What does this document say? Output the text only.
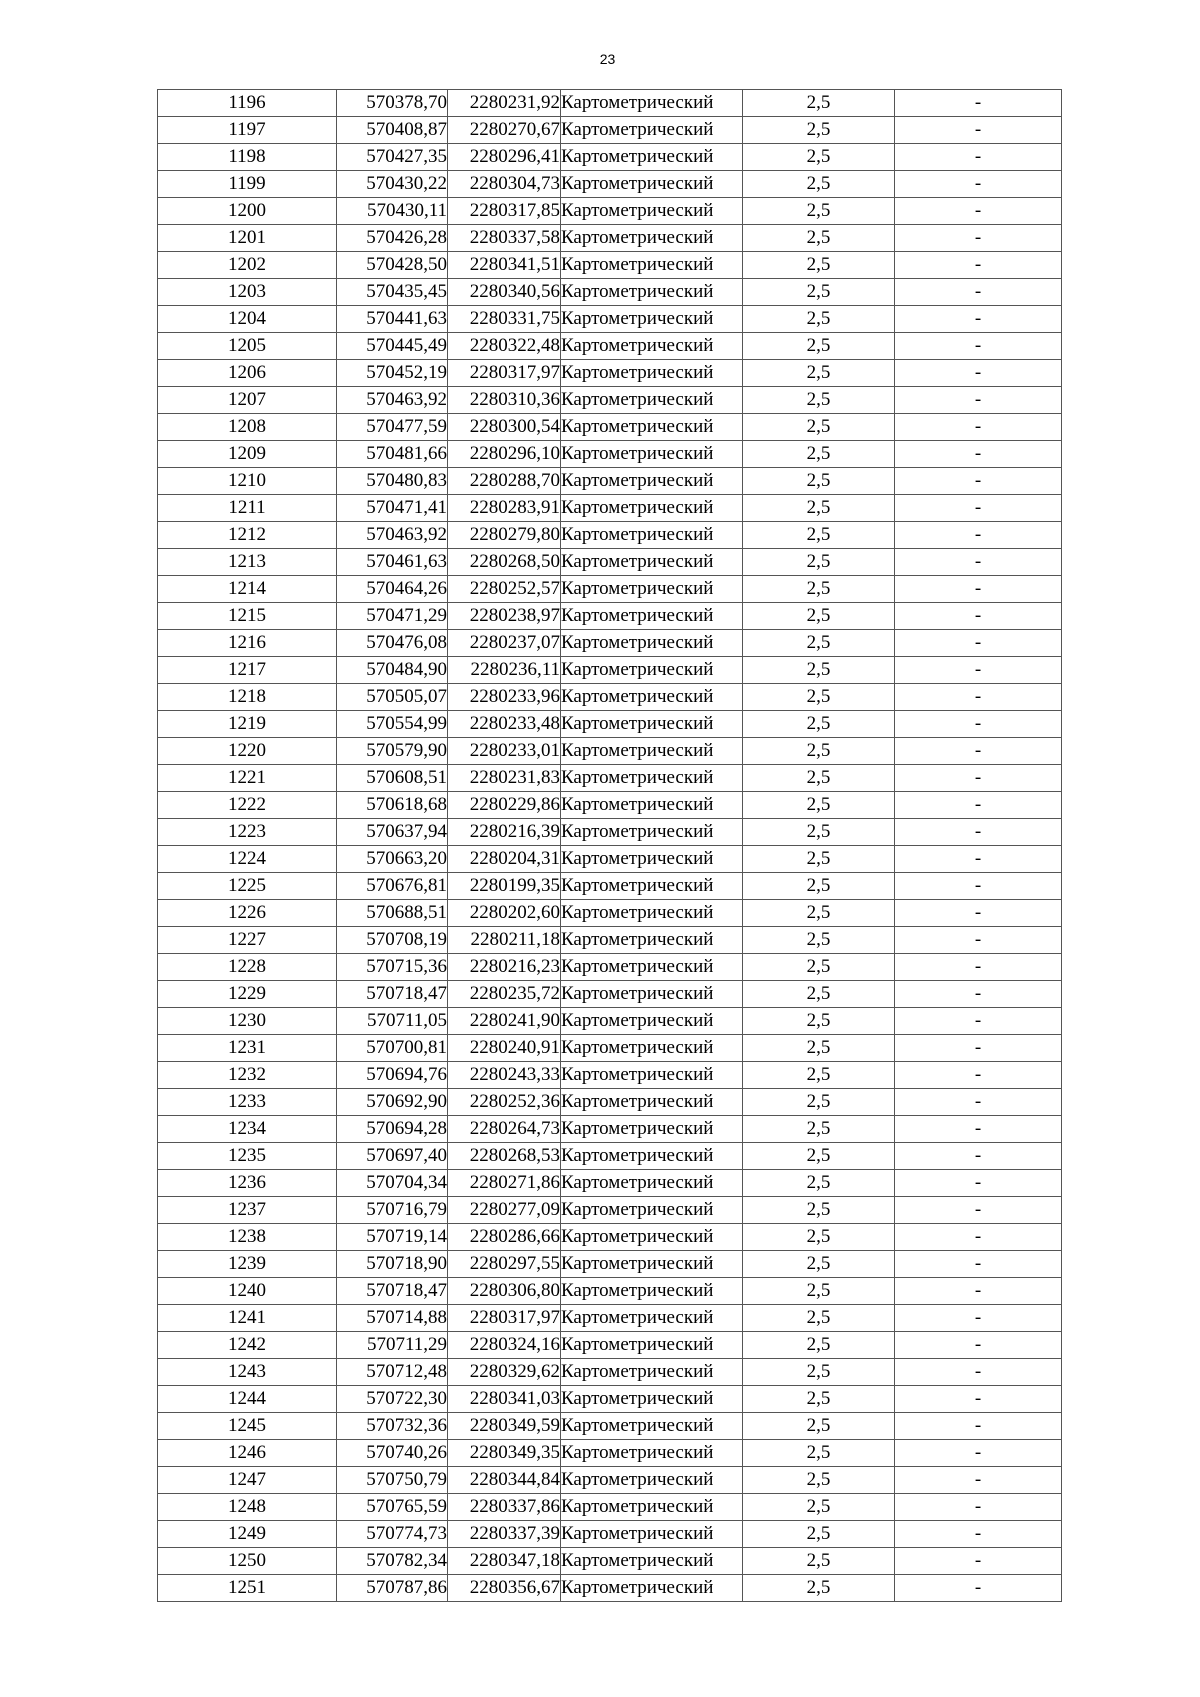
23
1196	570378,70	2280231,92	Картометрический	2,5	-
1197	570408,87	2280270,67	Картометрический	2,5	-
1198	570427,35	2280296,41	Картометрический	2,5	-
1199	570430,22	2280304,73	Картометрический	2,5	-
1200	570430,11	2280317,85	Картометрический	2,5	-
1201	570426,28	2280337,58	Картометрический	2,5	-
1202	570428,50	2280341,51	Картометрический	2,5	-
1203	570435,45	2280340,56	Картометрический	2,5	-
1204	570441,63	2280331,75	Картометрический	2,5	-
1205	570445,49	2280322,48	Картометрический	2,5	-
1206	570452,19	2280317,97	Картометрический	2,5	-
1207	570463,92	2280310,36	Картометрический	2,5	-
1208	570477,59	2280300,54	Картометрический	2,5	-
1209	570481,66	2280296,10	Картометрический	2,5	-
1210	570480,83	2280288,70	Картометрический	2,5	-
1211	570471,41	2280283,91	Картометрический	2,5	-
1212	570463,92	2280279,80	Картометрический	2,5	-
1213	570461,63	2280268,50	Картометрический	2,5	-
1214	570464,26	2280252,57	Картометрический	2,5	-
1215	570471,29	2280238,97	Картометрический	2,5	-
1216	570476,08	2280237,07	Картометрический	2,5	-
1217	570484,90	2280236,11	Картометрический	2,5	-
1218	570505,07	2280233,96	Картометрический	2,5	-
1219	570554,99	2280233,48	Картометрический	2,5	-
1220	570579,90	2280233,01	Картометрический	2,5	-
1221	570608,51	2280231,83	Картометрический	2,5	-
1222	570618,68	2280229,86	Картометрический	2,5	-
1223	570637,94	2280216,39	Картометрический	2,5	-
1224	570663,20	2280204,31	Картометрический	2,5	-
1225	570676,81	2280199,35	Картометрический	2,5	-
1226	570688,51	2280202,60	Картометрический	2,5	-
1227	570708,19	2280211,18	Картометрический	2,5	-
1228	570715,36	2280216,23	Картометрический	2,5	-
1229	570718,47	2280235,72	Картометрический	2,5	-
1230	570711,05	2280241,90	Картометрический	2,5	-
1231	570700,81	2280240,91	Картометрический	2,5	-
1232	570694,76	2280243,33	Картометрический	2,5	-
1233	570692,90	2280252,36	Картометрический	2,5	-
1234	570694,28	2280264,73	Картометрический	2,5	-
1235	570697,40	2280268,53	Картометрический	2,5	-
1236	570704,34	2280271,86	Картометрический	2,5	-
1237	570716,79	2280277,09	Картометрический	2,5	-
1238	570719,14	2280286,66	Картометрический	2,5	-
1239	570718,90	2280297,55	Картометрический	2,5	-
1240	570718,47	2280306,80	Картометрический	2,5	-
1241	570714,88	2280317,97	Картометрический	2,5	-
1242	570711,29	2280324,16	Картометрический	2,5	-
1243	570712,48	2280329,62	Картометрический	2,5	-
1244	570722,30	2280341,03	Картометрический	2,5	-
1245	570732,36	2280349,59	Картометрический	2,5	-
1246	570740,26	2280349,35	Картометрический	2,5	-
1247	570750,79	2280344,84	Картометрический	2,5	-
1248	570765,59	2280337,86	Картометрический	2,5	-
1249	570774,73	2280337,39	Картометрический	2,5	-
1250	570782,34	2280347,18	Картометрический	2,5	-
1251	570787,86	2280356,67	Картометрический	2,5	-
